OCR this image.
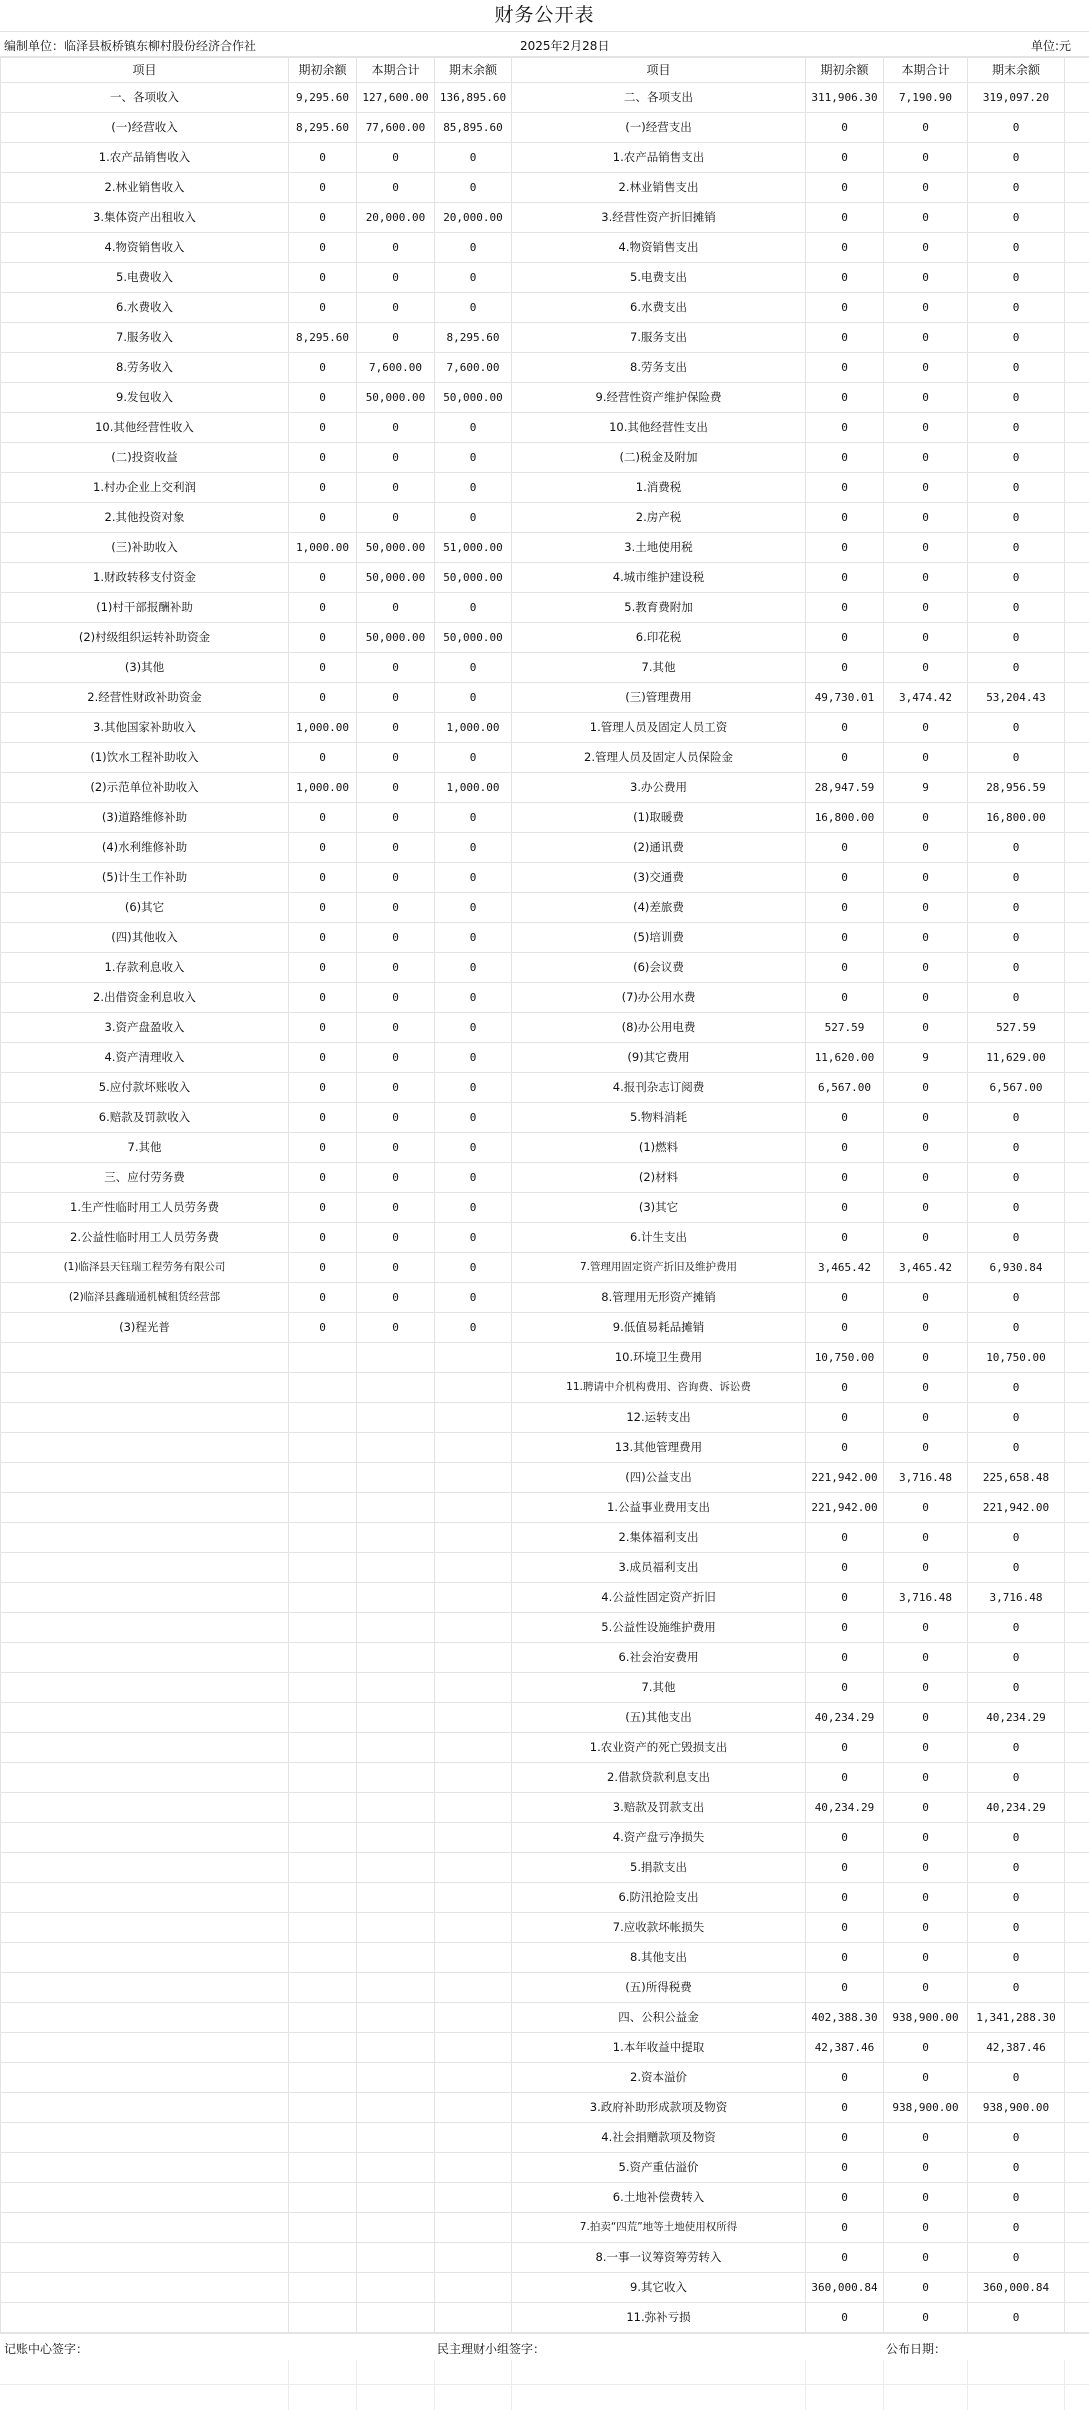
财务公开表
编制单位：临泽县板桥镇东柳村股份经济合作社	2025年2月28日	单位:元
项目	期初余额	本期合计	期末余额	项目	期初余额	本期合计	期末余额	
一、各项收入	9,295.60	127,600.00	136,895.60	二、各项支出	311,906.30	7,190.90	319,097.20	
(一)经营收入	8,295.60	77,600.00	85,895.60	(一)经营支出	0	0	0	
1.农产品销售收入	0	0	0	1.农产品销售支出	0	0	0	
2.林业销售收入	0	0	0	2.林业销售支出	0	0	0	
3.集体资产出租收入	0	20,000.00	20,000.00	3.经营性资产折旧摊销	0	0	0	
4.物资销售收入	0	0	0	4.物资销售支出	0	0	0	
5.电费收入	0	0	0	5.电费支出	0	0	0	
6.水费收入	0	0	0	6.水费支出	0	0	0	
7.服务收入	8,295.60	0	8,295.60	7.服务支出	0	0	0	
8.劳务收入	0	7,600.00	7,600.00	8.劳务支出	0	0	0	
9.发包收入	0	50,000.00	50,000.00	9.经营性资产维护保险费	0	0	0	
10.其他经营性收入	0	0	0	10.其他经营性支出	0	0	0	
(二)投资收益	0	0	0	(二)税金及附加	0	0	0	
1.村办企业上交利润	0	0	0	1.消费税	0	0	0	
2.其他投资对象	0	0	0	2.房产税	0	0	0	
(三)补助收入	1,000.00	50,000.00	51,000.00	3.土地使用税	0	0	0	
1.财政转移支付资金	0	50,000.00	50,000.00	4.城市维护建设税	0	0	0	
(1)村干部报酬补助	0	0	0	5.教育费附加	0	0	0	
(2)村级组织运转补助资金	0	50,000.00	50,000.00	6.印花税	0	0	0	
(3)其他	0	0	0	7.其他	0	0	0	
2.经营性财政补助资金	0	0	0	(三)管理费用	49,730.01	3,474.42	53,204.43	
3.其他国家补助收入	1,000.00	0	1,000.00	1.管理人员及固定人员工资	0	0	0	
(1)饮水工程补助收入	0	0	0	2.管理人员及固定人员保险金	0	0	0	
(2)示范单位补助收入	1,000.00	0	1,000.00	3.办公费用	28,947.59	9	28,956.59	
(3)道路维修补助	0	0	0	(1)取暖费	16,800.00	0	16,800.00	
(4)水利维修补助	0	0	0	(2)通讯费	0	0	0	
(5)计生工作补助	0	0	0	(3)交通费	0	0	0	
(6)其它	0	0	0	(4)差旅费	0	0	0	
(四)其他收入	0	0	0	(5)培训费	0	0	0	
1.存款利息收入	0	0	0	(6)会议费	0	0	0	
2.出借资金利息收入	0	0	0	(7)办公用水费	0	0	0	
3.资产盘盈收入	0	0	0	(8)办公用电费	527.59	0	527.59	
4.资产清理收入	0	0	0	(9)其它费用	11,620.00	9	11,629.00	
5.应付款坏账收入	0	0	0	4.报刊杂志订阅费	6,567.00	0	6,567.00	
6.赔款及罚款收入	0	0	0	5.物料消耗	0	0	0	
7.其他	0	0	0	(1)燃料	0	0	0	
三、应付劳务费	0	0	0	(2)材料	0	0	0	
1.生产性临时用工人员劳务费	0	0	0	(3)其它	0	0	0	
2.公益性临时用工人员劳务费	0	0	0	6.计生支出	0	0	0	
(1)临泽县天钰瑞工程劳务有限公司	0	0	0	7.管理用固定资产折旧及维护费用	3,465.42	3,465.42	6,930.84	
(2)临泽县鑫瑞通机械租赁经营部	0	0	0	8.管理用无形资产摊销	0	0	0	
(3)程光普	0	0	0	9.低值易耗品摊销	0	0	0	
				10.环境卫生费用	10,750.00	0	10,750.00	
				11.聘请中介机构费用、咨询费、诉讼费	0	0	0	
				12.运转支出	0	0	0	
				13.其他管理费用	0	0	0	
				(四)公益支出	221,942.00	3,716.48	225,658.48	
				1.公益事业费用支出	221,942.00	0	221,942.00	
				2.集体福利支出	0	0	0	
				3.成员福利支出	0	0	0	
				4.公益性固定资产折旧	0	3,716.48	3,716.48	
				5.公益性设施维护费用	0	0	0	
				6.社会治安费用	0	0	0	
				7.其他	0	0	0	
				(五)其他支出	40,234.29	0	40,234.29	
				1.农业资产的死亡毁损支出	0	0	0	
				2.借款贷款利息支出	0	0	0	
				3.赔款及罚款支出	40,234.29	0	40,234.29	
				4.资产盘亏净损失	0	0	0	
				5.捐款支出	0	0	0	
				6.防汛抢险支出	0	0	0	
				7.应收款坏帐损失	0	0	0	
				8.其他支出	0	0	0	
				(五)所得税费	0	0	0	
				四、公积公益金	402,388.30	938,900.00	1,341,288.30	
				1.本年收益中提取	42,387.46	0	42,387.46	
				2.资本溢价	0	0	0	
				3.政府补助形成款项及物资	0	938,900.00	938,900.00	
				4.社会捐赠款项及物资	0	0	0	
				5.资产重估溢价	0	0	0	
				6.土地补偿费转入	0	0	0	
				7.拍卖“四荒”地等土地使用权所得	0	0	0	
				8.一事一议筹资筹劳转入	0	0	0	
				9.其它收入	360,000.84	0	360,000.84	
				11.弥补亏损	0	0	0	
记账中心签字：	民主理财小组签字：	公布日期：
